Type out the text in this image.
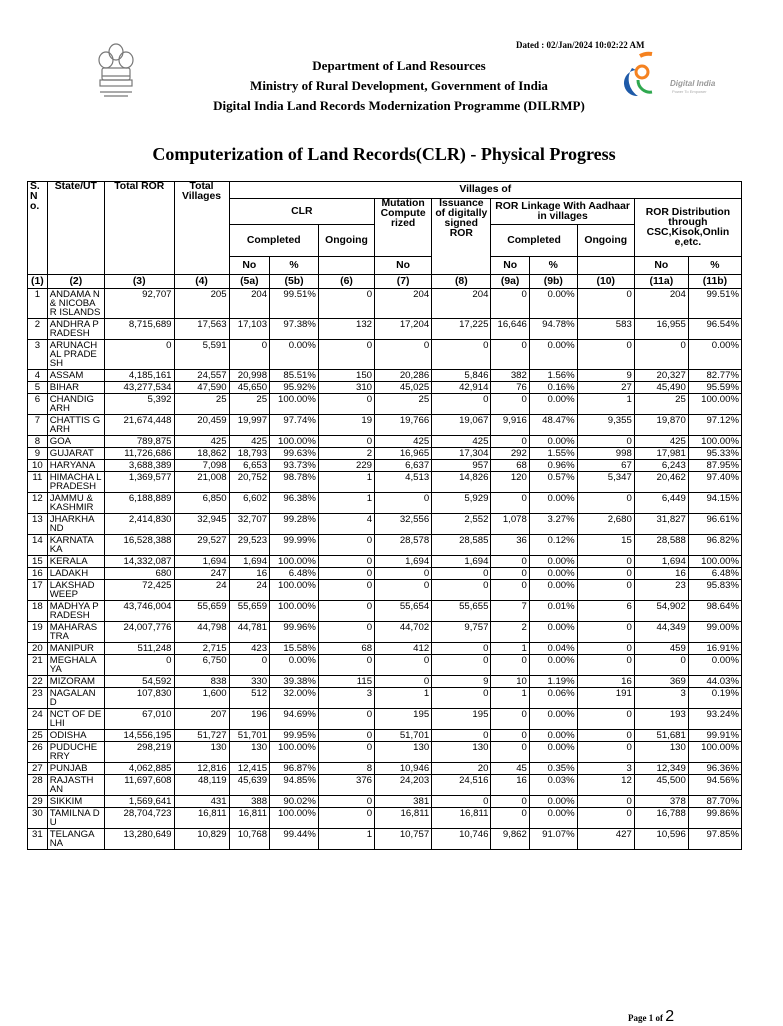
Dated : 02/Jan/2024 10:02:22 AM
Department of Land Resources
Ministry of Rural Development, Government of India
Digital India Land Records Modernization Programme (DILRMP)
Digital India
Power To Empower
Computerization of Land Records(CLR) - Physical Progress
S. N o.	State/UT	Total ROR	Total Villages	Villages of									
				CLR			Mutation Compute rized	Issuance of digitally signed ROR	ROR Linkage With Aadhaar in villages			ROR Distribution through CSC,Kisok,Onlin e,etc.	
				Completed		Ongoing			Completed		Ongoing		
				No	%		No		No	%		No	%
(1)	(2)	(3)	(4)	(5a)	(5b)	(6)	(7)	(8)	(9a)	(9b)	(10)	(11a)	(11b)
1	ANDAMA N & NICOBAR ISLANDS	92,707	205	204	99.51%	0	204	204	0	0.00%	0	204	99.51%
2	ANDHRA PRADESH	8,715,689	17,563	17,103	97.38%	132	17,204	17,225	16,646	94.78%	583	16,955	96.54%
3	ARUNACH AL PRADESH	0	5,591	0	0.00%	0	0	0	0	0.00%	0	0	0.00%
4	ASSAM	4,185,161	24,557	20,998	85.51%	150	20,286	5,846	382	1.56%	9	20,327	82.77%
5	BIHAR	43,277,534	47,590	45,650	95.92%	310	45,025	42,914	76	0.16%	27	45,490	95.59%
6	CHANDIG ARH	5,392	25	25	100.00%	0	25	0	0	0.00%	1	25	100.00%
7	CHATTIS GARH	21,674,448	20,459	19,997	97.74%	19	19,766	19,067	9,916	48.47%	9,355	19,870	97.12%
8	GOA	789,875	425	425	100.00%	0	425	425	0	0.00%	0	425	100.00%
9	GUJARAT	11,726,686	18,862	18,793	99.63%	2	16,965	17,304	292	1.55%	998	17,981	95.33%
10	HARYANA	3,688,389	7,098	6,653	93.73%	229	6,637	957	68	0.96%	67	6,243	87.95%
11	HIMACHA L PRADESH	1,369,577	21,008	20,752	98.78%	1	4,513	14,826	120	0.57%	5,347	20,462	97.40%
12	JAMMU & KASHMIR	6,188,889	6,850	6,602	96.38%	1	0	5,929	0	0.00%	0	6,449	94.15%
13	JHARKHA ND	2,414,830	32,945	32,707	99.28%	4	32,556	2,552	1,078	3.27%	2,680	31,827	96.61%
14	KARNATA KA	16,528,388	29,527	29,523	99.99%	0	28,578	28,585	36	0.12%	15	28,588	96.82%
15	KERALA	14,332,087	1,694	1,694	100.00%	0	1,694	1,694	0	0.00%	0	1,694	100.00%
16	LADAKH	680	247	16	6.48%	0	0	0	0	0.00%	0	16	6.48%
17	LAKSHAD WEEP	72,425	24	24	100.00%	0	0	0	0	0.00%	0	23	95.83%
18	MADHYA PRADESH	43,746,004	55,659	55,659	100.00%	0	55,654	55,655	7	0.01%	6	54,902	98.64%
19	MAHARAS TRA	24,007,776	44,798	44,781	99.96%	0	44,702	9,757	2	0.00%	0	44,349	99.00%
20	MANIPUR	511,248	2,715	423	15.58%	68	412	0	1	0.04%	0	459	16.91%
21	MEGHALA YA	0	6,750	0	0.00%	0	0	0	0	0.00%	0	0	0.00%
22	MIZORAM	54,592	838	330	39.38%	115	0	9	10	1.19%	16	369	44.03%
23	NAGALAN D	107,830	1,600	512	32.00%	3	1	0	1	0.06%	191	3	0.19%
24	NCT OF DELHI	67,010	207	196	94.69%	0	195	195	0	0.00%	0	193	93.24%
25	ODISHA	14,556,195	51,727	51,701	99.95%	0	51,701	0	0	0.00%	0	51,681	99.91%
26	PUDUCHE RRY	298,219	130	130	100.00%	0	130	130	0	0.00%	0	130	100.00%
27	PUNJAB	4,062,885	12,816	12,415	96.87%	8	10,946	20	45	0.35%	3	12,349	96.36%
28	RAJASTH AN	11,697,608	48,119	45,639	94.85%	376	24,203	24,516	16	0.03%	12	45,500	94.56%
29	SIKKIM	1,569,641	431	388	90.02%	0	381	0	0	0.00%	0	378	87.70%
30	TAMILNA DU	28,704,723	16,811	16,811	100.00%	0	16,811	16,811	0	0.00%	0	16,788	99.86%
31	TELANGA NA	13,280,649	10,829	10,768	99.44%	1	10,757	10,746	9,862	91.07%	427	10,596	97.85%
Page 1 of 2
